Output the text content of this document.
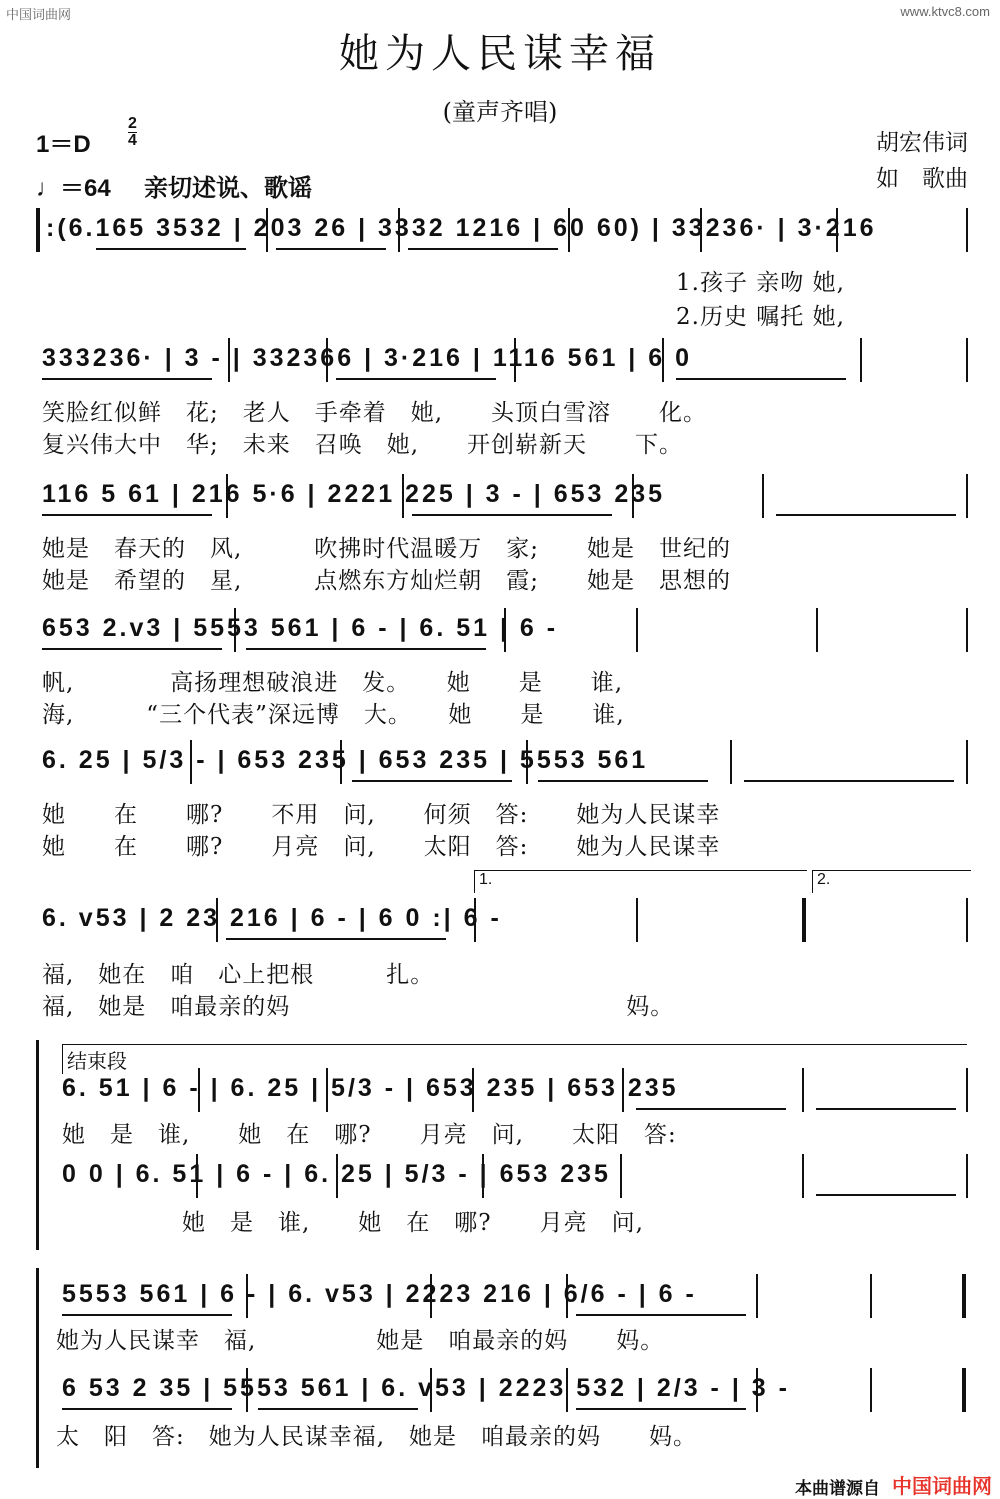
中国词曲网	www.ktvc8.com
她为人民谋幸福
(童声齐唱)
1＝D
2
4
♩＝64 亲切述说、歌谣
胡宏伟词
如　歌曲
:(6.165 3532 | 203 26 | 3332 1216 | 60 60) | 33236· | 3·216
1.孩子 亲吻 她,
2.历史 嘱托 她,
333236· | 3 - | 332366 | 3·216 | 1116 561 | 6 0
笑脸红似鲜　花;　老人　手牵着　她,　　头顶白雪溶　　化。
复兴伟大中　华;　未来　召唤　她,　　开创崭新天　　下。
116 5 61 | 216 5·6 | 2221 225 | 3 - | 653 235
她是　春天的　风,　　　吹拂时代温暖万　家;　　她是　世纪的
她是　希望的　星,　　　点燃东方灿烂朝　霞;　　她是　思想的
653 2.v3 | 5553 561 | 6 - | 6. 51 | 6 -
帆,　　　　高扬理想破浪进　发。　　她　　是　　谁,
海,　　　“三个代表”深远博　大。　　她　　是　　谁,
6. 25 | 5/3 - | 653 235 | 653 235 | 5553 561
她　　在　　哪?　　不用　问,　　何须　答:　　她为人民谋幸
她　　在　　哪?　　月亮　问,　　太阳　答:　　她为人民谋幸
1.	2.
6. v53 | 2 23 216 | 6 - | 6 0 :| 6 -
福,　她在　咱　心上把根　　　扎。
福,　她是　咱最亲的妈　　　　　　　　　　　　　　妈。
结束段
6. 51 | 6 - | 6. 25 | 5/3 - | 653 235 | 653 235
她　是　谁,　　她　在　哪?　　月亮　问,　　太阳　答:
0 0 | 6. 51 | 6 - | 6. 25 | 5/3 - | 653 235
　　　　　她　是　谁,　　她　在　哪?　　月亮　问,
5553 561 | 6 - | 6. v53 | 2223 216 | 6/6 - | 6 -
她为人民谋幸　福,　　　　　她是　咱最亲的妈　　妈。
6 53 2 35 | 5553 561 | 6. v53 | 2223 532 | 2/3 - | 3 -
太　阳　答:　她为人民谋幸福,　她是　咱最亲的妈　　妈。
本曲谱源自 中国词曲网
